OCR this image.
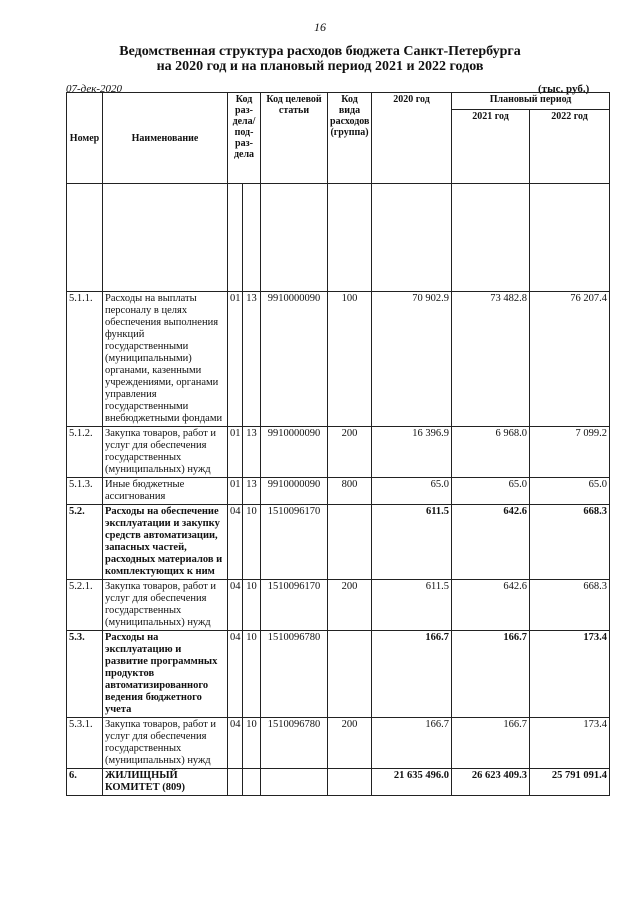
16
Ведомственная структура расходов бюджета Санкт-Петербурга
на 2020 год и на плановый период 2021 и 2022 годов
07-дек-2020	(тыс. руб.)
Номер	Наименование	Код раз-дела/ под-раз-дела		Код целевой статьи	Код вида расходов (группа)	2020 год	Плановый период	
							2021 год	2022 год

5.1.1.	Расходы на выплаты персоналу в целях обеспечения выполнения функций государственными (муниципальными) органами, казенными учреждениями, органами управления государственными внебюджетными фондами	01	13	9910000090	100	70 902.9	73 482.8	76 207.4
5.1.2.	Закупка товаров, работ и услуг для обеспечения государственных (муниципальных) нужд	01	13	9910000090	200	16 396.9	6 968.0	7 099.2
5.1.3.	Иные бюджетные ассигнования	01	13	9910000090	800	65.0	65.0	65.0
5.2.	Расходы на обеспечение эксплуатации и закупку средств автоматизации, запасных частей, расходных материалов и комплектующих к ним	04	10	1510096170		611.5	642.6	668.3
5.2.1.	Закупка товаров, работ и услуг для обеспечения государственных (муниципальных) нужд	04	10	1510096170	200	611.5	642.6	668.3
5.3.	Расходы на эксплуатацию и развитие программных продуктов автоматизированного ведения бюджетного учета	04	10	1510096780		166.7	166.7	173.4
5.3.1.	Закупка товаров, работ и услуг для обеспечения государственных (муниципальных) нужд	04	10	1510096780	200	166.7	166.7	173.4
6.	ЖИЛИЩНЫЙ КОМИТЕТ (809)					21 635 496.0	26 623 409.3	25 791 091.4
